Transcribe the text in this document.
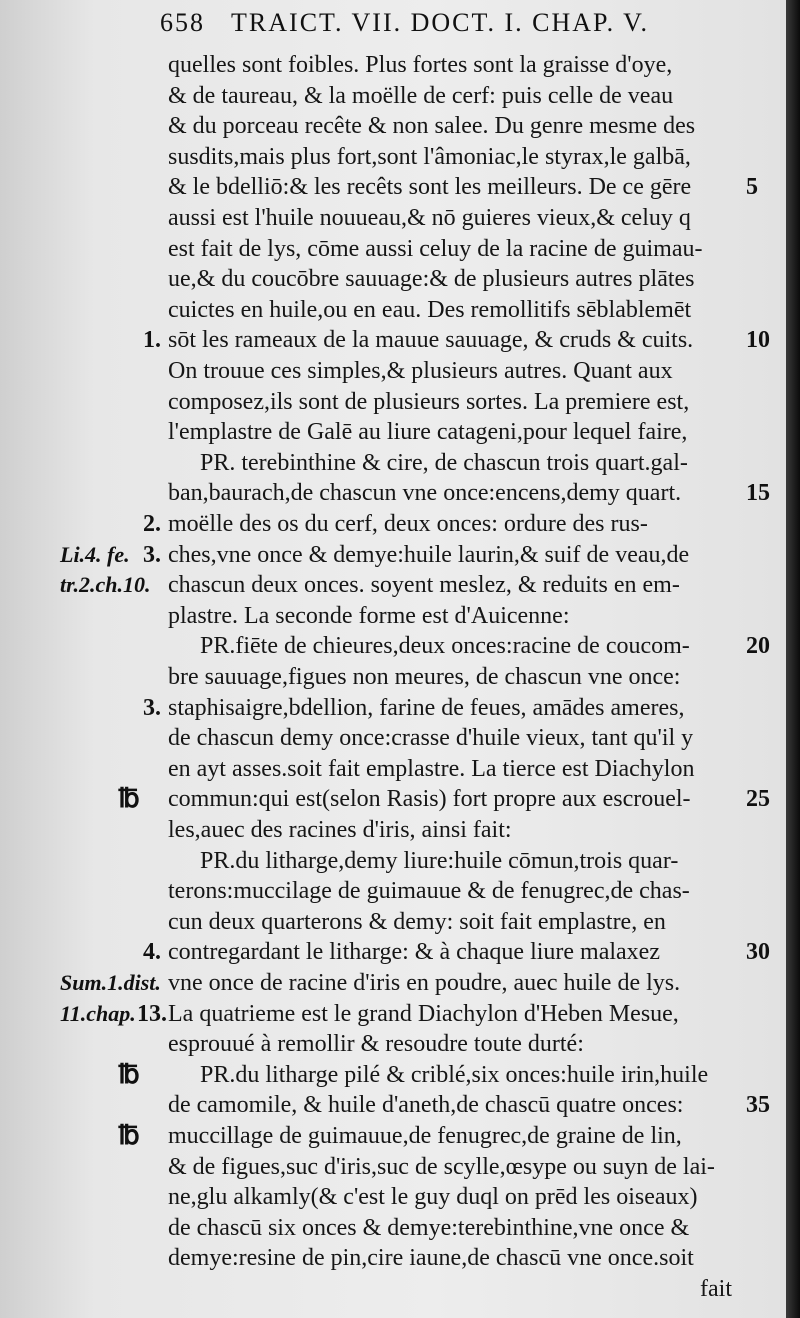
658 TRAICT. VII. DOCT. I. CHAP. V.
quelles sont foibles. Plus fortes sont la graisse d'oye,
& de taureau, & la moëlle de cerf: puis celle de veau
& du porceau recête & non salee. Du genre mesme des
susdits,mais plus fort,sont l'âmoniac,le styrax,le galbā,
& le bdelliō:& les recêts sont les meilleurs. De ce gēre
aussi est l'huile nouueau,& nō guieres vieux,& celuy q
est fait de lys, cōme aussi celuy de la racine de guimau-
ue,& du coucōbre sauuage:& de plusieurs autres plātes
cuictes en huile,ou en eau. Des remollitifs sēblablemēt
sōt les rameaux de la mauue sauuage, & cruds & cuits.
On trouue ces simples,& plusieurs autres. Quant aux
composez,ils sont de plusieurs sortes. La premiere est,
l'emplastre de Galē au liure catageni,pour lequel faire,
PR. terebinthine & cire, de chascun trois quart.gal-
ban,baurach,de chascun vne once:encens,demy quart.
moëlle des os du cerf, deux onces: ordure des rus-
ches,vne once & demye:huile laurin,& suif de veau,de
chascun deux onces. soyent meslez, & reduits en em-
plastre. La seconde forme est d'Auicenne:
PR.fiēte de chieures,deux onces:racine de coucom-
bre sauuage,figues non meures, de chascun vne once:
staphisaigre,bdellion, farine de feues, amādes ameres,
de chascun demy once:crasse d'huile vieux, tant qu'il y
en ayt asses.soit fait emplastre. La tierce est Diachylon
commun:qui est(selon Rasis) fort propre aux escrouel-
les,auec des racines d'iris, ainsi fait:
PR.du litharge,demy liure:huile cōmun,trois quar-
terons:muccilage de guimauue & de fenugrec,de chas-
cun deux quarterons & demy: soit fait emplastre, en
contregardant le litharge: & à chaque liure malaxez
vne once de racine d'iris en poudre, auec huile de lys.
La quatrieme est le grand Diachylon d'Heben Mesue,
esprouué à remollir & resoudre toute durté:
PR.du litharge pilé & criblé,six onces:huile irin,huile
de camomile, & huile d'aneth,de chascū quatre onces:
1.
2.
3.
3.
4.
13.
℔
℔
Li.4. fe.
tr.2.ch.10.
Sum.1.dist.
11.chap.
5
10
15
20
25
30
35
muccillage de guimauue,de fenugrec,de graine de lin,
& de figues,suc d'iris,suc de scylle,œsype ou suyn de lai-
ne,glu alkamly(& c'est le guy duql on prēd les oiseaux)
de chascū six onces & demye:terebinthine,vne once &
demye:resine de pin,cire iaune,de chascū vne once.soit
fait
℔
